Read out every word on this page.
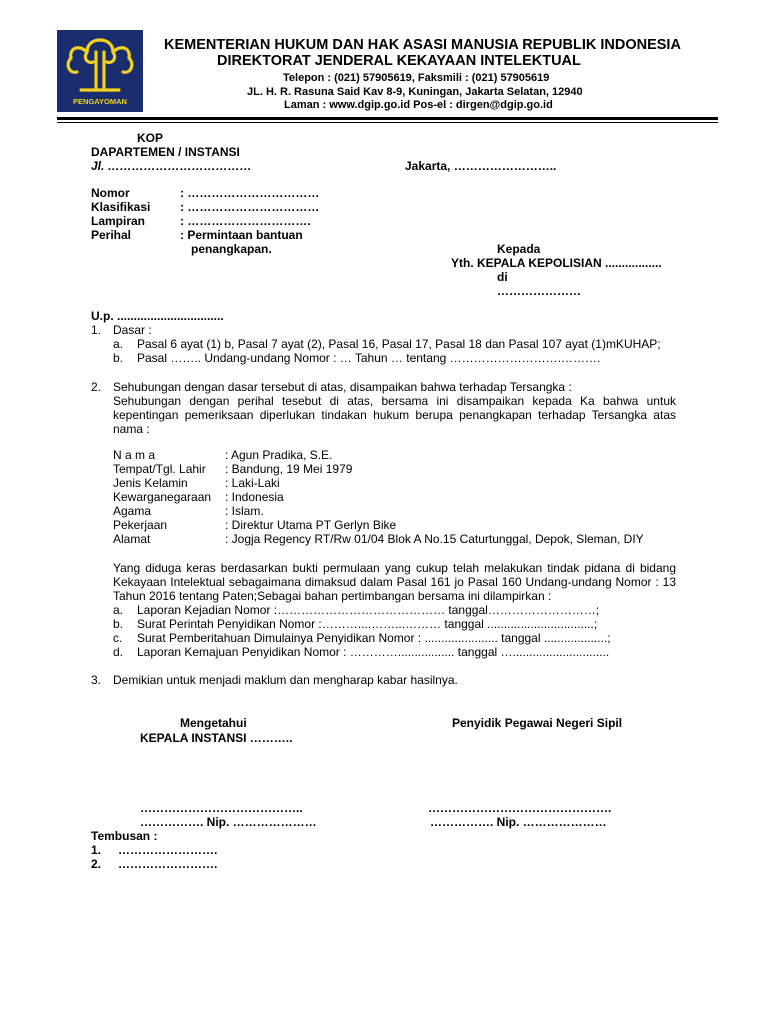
PENGAYOMAN
KEMENTERIAN HUKUM DAN HAK ASASI MANUSIA REPUBLIK INDONESIA
DIREKTORAT JENDERAL KEKAYAAN INTELEKTUAL
Telepon : (021) 57905619, Faksmili : (021) 57905619
JL. H. R. Rasuna Said Kav 8-9, Kuningan, Jakarta Selatan, 12940
Laman : www.dgip.go.id Pos-el : dirgen@dgip.go.id
KOP
DAPARTEMEN / INSTANSI
Jl. ………………………………	Jakarta, ……………………..
Nomor	: ……………………………
Klasifikasi : ……………………………
Lampiran	: ………………………….
Perihal	: Permintaan bantuan
penangkapan.	Kepada
Yth. KEPALA KEPOLISIAN .................
di
…………………
U.p. ................................
1. Dasar :
a. Pasal 6 ayat (1) b, Pasal 7 ayat (2), Pasal 16, Pasal 17, Pasal 18 dan Pasal 107 ayat (1)mKUHAP;
b. Pasal …….. Undang-undang Nomor : … Tahun … tentang ……………………….……….
2. Sehubungan dengan dasar tersebut di atas, disampaikan bahwa terhadap Tersangka :
Sehubungan dengan perihal tesebut di atas, bersama ini disampaikan kepada Ka bahwa untuk kepentingan pemeriksaan diperlukan tindakan hukum berupa penangkapan terhadap Tersangka atas nama :
N a m a	: Agun Pradika, S.E.
Tempat/Tgl. Lahir : Bandung, 19 Mei 1979
Jenis Kelamin	: Laki-Laki
Kewarganegaraan : Indonesia
Agama	: Islam.
Pekerjaan	: Direktur Utama PT Gerlyn Bike
Alamat	: Jogja Regency RT/Rw 01/04 Blok A No.15 Caturtunggal, Depok, Sleman, DIY
Yang diduga keras berdasarkan bukti permulaan yang cukup telah melakukan tindak pidana di bidang Kekayaan Intelektual sebagaimana dimaksud dalam Pasal 161 jo Pasal 160 Undang-undang Nomor : 13 Tahun 2016 tentang Paten;Sebagai bahan pertimbangan bersama ini dilampirkan :
a. Laporan Kejadian Nomor :…………………………………… tanggal………………………;
b. Surat Perintah Penyidikan Nomor :………....……...……… tanggal ................................;
c. Surat Pemberitahuan Dimulainya Penyidikan Nomor : ...................... tanggal ...................;
d. Laporan Kemajuan Penyidikan Nomor : …………................. tanggal ….............................
3. Demikian untuk menjadi maklum dan mengharap kabar hasilnya.
Mengetahui
KEPALA INSTANSI ………..
Penyidik Pegawai Negeri Sipil
…………………………………..
……………. Nip. …………………
……………………………………….
……………. Nip. …………………
Tembusan :
1. …………………….
2. …………………….
